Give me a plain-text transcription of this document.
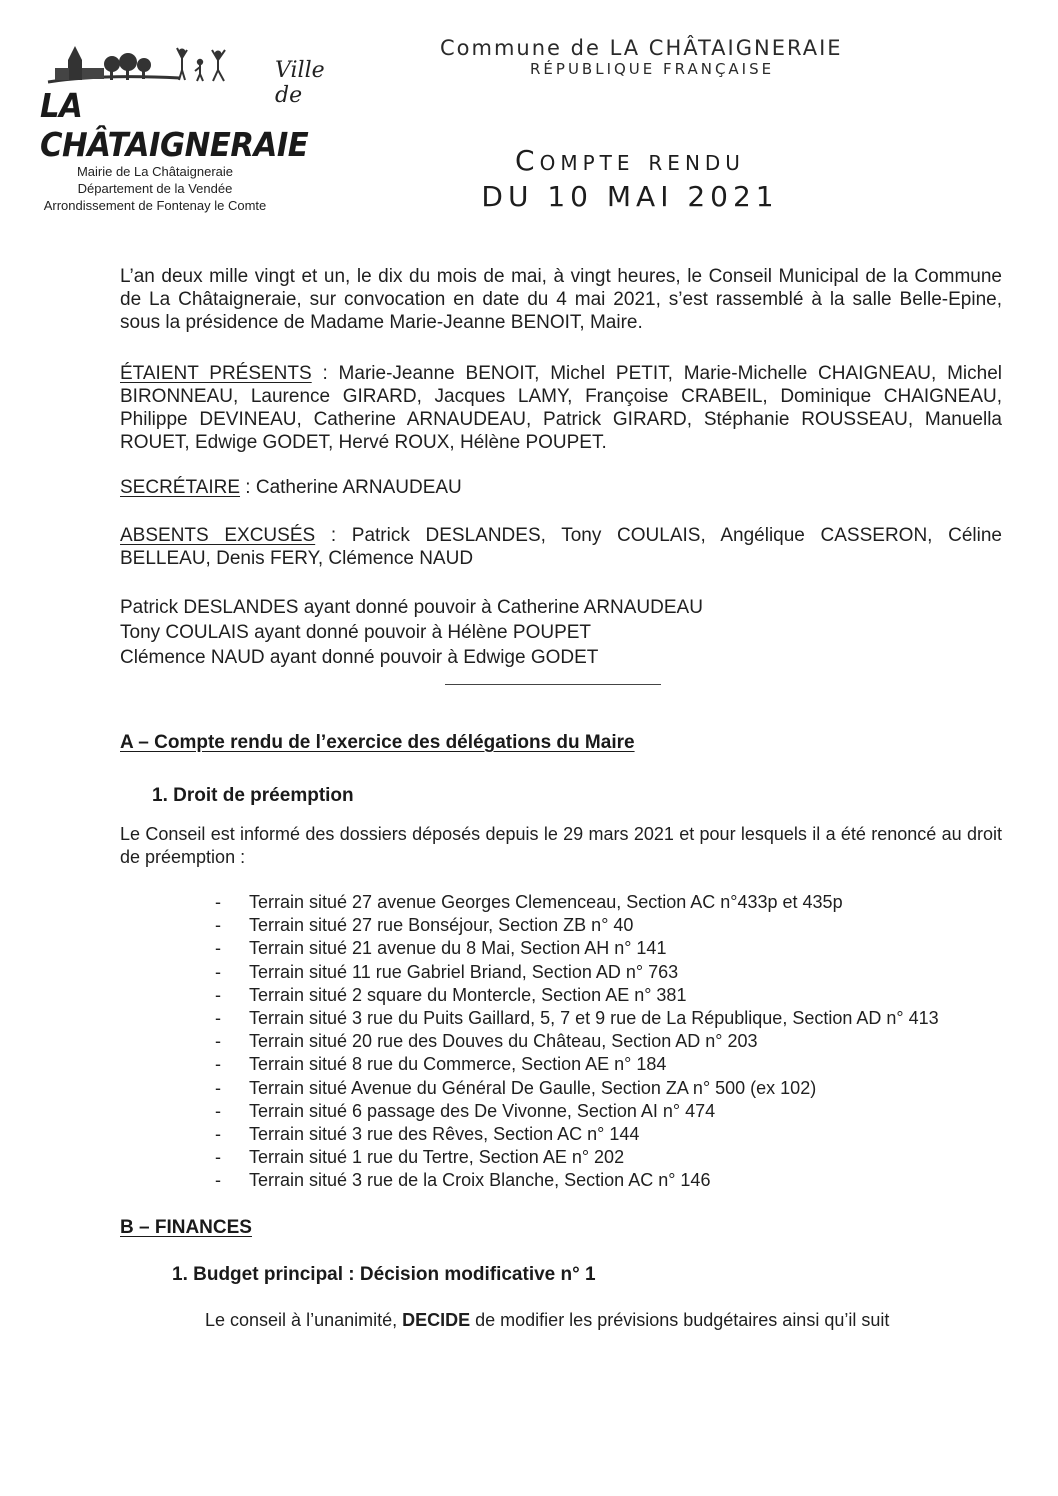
Ville de
LA CHÂTAIGNERAIE
Commune de LA CHÂTAIGNERAIE
RÉPUBLIQUE FRANÇAISE
Mairie de La Châtaigneraie
Département de la Vendée
Arrondissement de Fontenay le Comte
Compte rendu
DU 10 MAI 2021
L’an deux mille vingt et un, le dix du mois de mai, à vingt heures, le Conseil Municipal de la Commune de La Châtaigneraie, sur convocation en date du 4 mai 2021, s’est rassemblé à la salle Belle-Epine, sous la présidence de Madame Marie-Jeanne BENOIT, Maire.
ÉTAIENT PRÉSENTS : Marie-Jeanne BENOIT, Michel PETIT, Marie-Michelle CHAIGNEAU, Michel BIRONNEAU, Laurence GIRARD, Jacques LAMY, Françoise CRABEIL, Dominique CHAIGNEAU, Philippe DEVINEAU, Catherine ARNAUDEAU, Patrick GIRARD, Stéphanie ROUSSEAU, Manuella ROUET, Edwige GODET, Hervé ROUX, Hélène POUPET.
SECRÉTAIRE : Catherine ARNAUDEAU
ABSENTS EXCUSÉS : Patrick DESLANDES, Tony COULAIS, Angélique CASSERON, Céline BELLEAU, Denis FERY, Clémence NAUD
Patrick DESLANDES ayant donné pouvoir à Catherine ARNAUDEAU
Tony COULAIS ayant donné pouvoir à Hélène POUPET
Clémence NAUD ayant donné pouvoir à Edwige GODET
A – Compte rendu de l’exercice des délégations du Maire
1. Droit de préemption
Le Conseil est informé des dossiers déposés depuis le 29 mars 2021 et pour lesquels il a été renoncé au droit de préemption :
- Terrain situé 27 avenue Georges Clemenceau, Section AC n°433p et 435p
- Terrain situé 27 rue Bonséjour, Section ZB n° 40
- Terrain situé 21 avenue du 8 Mai, Section AH n° 141
- Terrain situé 11 rue Gabriel Briand, Section AD n° 763
- Terrain situé 2 square du Montercle, Section AE n° 381
- Terrain situé 3 rue du Puits Gaillard, 5, 7 et 9 rue de La République, Section AD n° 413
- Terrain situé 20 rue des Douves du Château, Section AD n° 203
- Terrain situé 8 rue du Commerce, Section AE n° 184
- Terrain situé Avenue du Général De Gaulle, Section ZA n° 500 (ex 102)
- Terrain situé 6 passage des De Vivonne, Section AI n° 474
- Terrain situé 3 rue des Rêves, Section AC n° 144
- Terrain situé 1 rue du Tertre, Section AE n° 202
- Terrain situé 3 rue de la Croix Blanche, Section AC n° 146
B – FINANCES
1. Budget principal : Décision modificative n° 1
Le conseil à l’unanimité, DECIDE de modifier les prévisions budgétaires ainsi qu’il suit
